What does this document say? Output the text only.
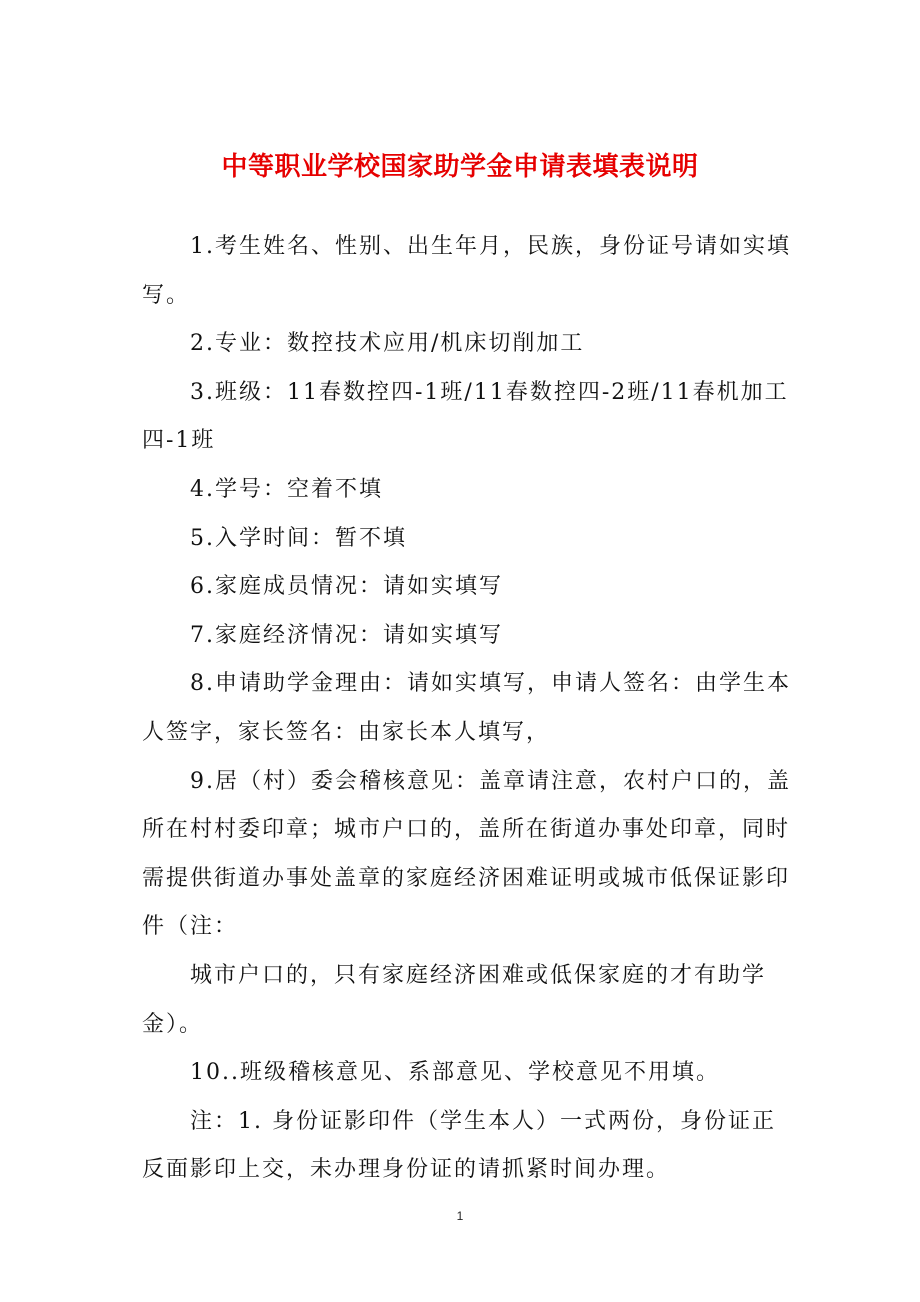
中等职业学校国家助学金申请表填表说明

1.考生姓名、性别、出生年月，民族，身份证号请如实填写。

2.专业：数控技术应用/机床切削加工

3.班级：11春数控四-1班/11春数控四-2班/11春机加工四-1班

4.学号：空着不填

5.入学时间：暂不填

6.家庭成员情况：请如实填写

7.家庭经济情况：请如实填写

8.申请助学金理由：请如实填写，申请人签名：由学生本人签字，家长签名：由家长本人填写，

9.居（村）委会稽核意见：盖章请注意，农村户口的，盖所在村村委印章；城市户口的，盖所在街道办事处印章，同时需提供街道办事处盖章的家庭经济困难证明或城市低保证影印件（注：

城市户口的，只有家庭经济困难或低保家庭的才有助学金）。

10..班级稽核意见、系部意见、学校意见不用填。

注：1. 身份证影印件（学生本人）一式两份，身份证正反面影印上交，未办理身份证的请抓紧时间办理。

1
